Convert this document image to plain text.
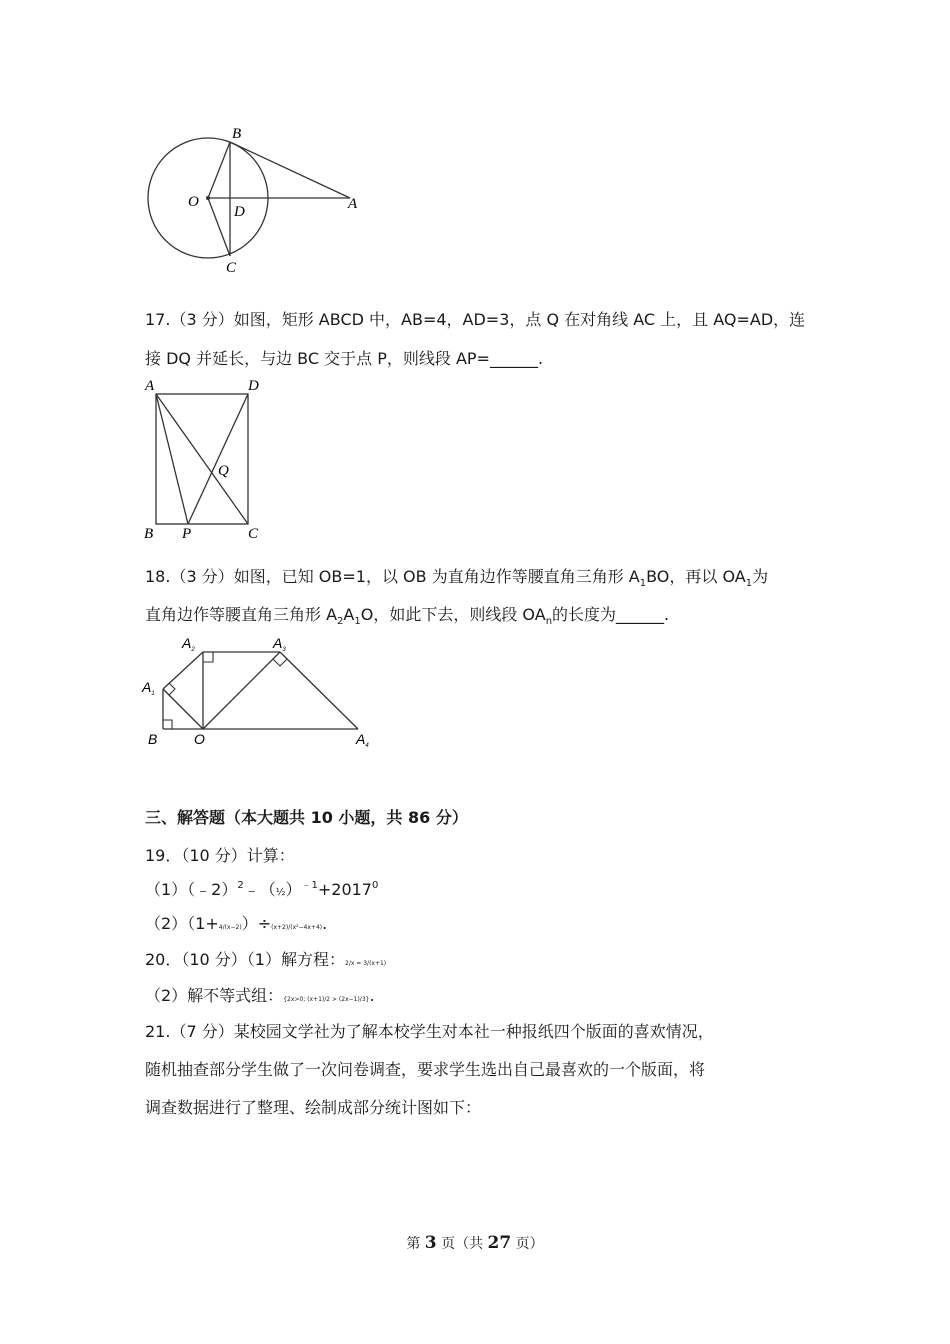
B
O
D	A
C
17.（3 分）如图，矩形 ABCD 中，AB=4，AD=3，点 Q 在对角线 AC 上，且 AQ=AD，连
接 DQ 并延长，与边 BC 交于点 P，则线段 AP=______.
A	D
Q
B P	C
18.（3 分）如图，已知 OB=1，以 OB 为直角边作等腰直角三角形 $A_1BO$，再以 $OA_1$为
直角边作等腰直角三角形 $A_2A_1O$，如此下去，则线段 $OA_n$的长度为______.
$A_1$
$A_2$	$A_3$
$A_4$
B	O
三、解答题（本大题共 10 小题，共 86 分）
19．（10 分）计算：
$(1)(﹣2)^2﹣(\frac{1}{2})^{﹣1}+2017^0$
（2）（1+4/(x−2)）÷(x+2)/(x²−4x+4).
20．（10 分）（1）解方程：2/x = 3/(x+1)
（2）解不等式组：{2x>0; (x+1)/2 > (2x−1)/3}.
21.（7 分）某校园文学社为了解本校学生对本社一种报纸四个版面的喜欢情况，
随机抽查部分学生做了一次问卷调查，要求学生选出自己最喜欢的一个版面，将
调查数据进行了整理、绘制成部分统计图如下：
第 3 页（共 27 页）
